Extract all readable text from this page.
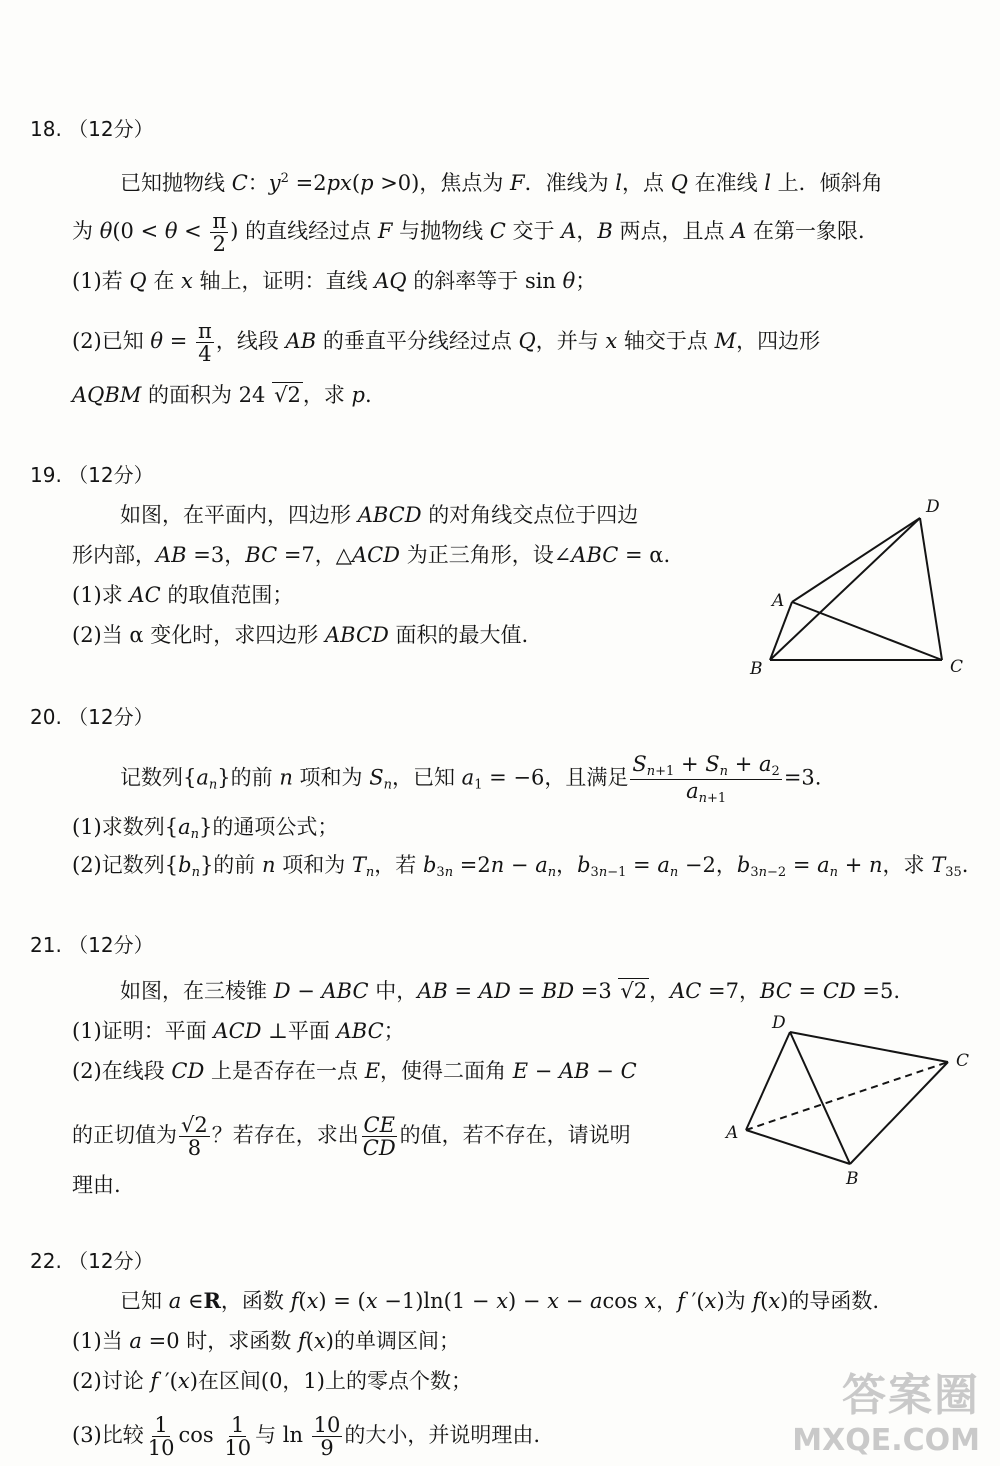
18. （12分）
已知抛物线 C：$y^2 =2px(p >0)$，焦点为 F．准线为 l，点 Q 在准线 l 上．倾斜角
为 $\theta(0 < \theta < \frac{\pi}{2}$ ) 的直线经过点 F 与抛物线 C 交于 A，B 两点，且点 A 在第一象限．
(1)若 Q 在 x 轴上，证明：直线 AQ 的斜率等于 sin θ；
(2)已知 $\theta = \frac{\pi}{4}$ ，线段 AB 的垂直平分线经过点 Q，并与 x 轴交于点 M，四边形
AQBM 的面积为 24 √2，求 p.
19. （12分）
如图，在平面内，四边形 ABCD 的对角线交点位于四边
形内部，AB =3，BC =7，△ACD 为正三角形，设∠ABC = α.
(1)求 AC 的取值范围；
(2)当 α 变化时，求四边形 ABCD 面积的最大值.
D
A
B	C
20. （12分）
记数列$\{a_n\}$的前 n 项和为 $S_n$，已知 $a_1 = -6$，且满足 $\frac{S_{n+1} + S_n + a_2}{a_{n+1}} =3$.
(1)求数列$\{a_n\}$的通项公式；
(2)记数列$\{b_n\}$的前 n 项和为 $T_n$，若 $b_{3n} =2n - a_n$，$b_{3n-1} = a_n -2$，$b_{3n-2} = a_n + n$，求 $T_{35}$.
21. （12分）
如图，在三棱锥 D − ABC 中，AB = AD = BD =3 √2，AC =7，BC = CD =5.
(1)证明：平面 ACD ⊥平面 ABC；
(2)在线段 CD 上是否存在一点 E，使得二面角 E − AB − C
的正切值为 $\frac{√2}{8}$ ？若存在，求出 $\frac{CE}{CD}$ 的值，若不存在，请说明
理由.
D
C
A
B
22. （12分）
已知 a ∈R，函数 f(x) = (x −1)ln(1 − x) − x − acos x，f ′(x)为 f(x)的导函数.
(1)当 a =0 时，求函数 f(x)的单调区间；
(2)讨论 f ′(x)在区间(0，1)上的零点个数；
(3)比较 $\frac{1}{10}$ $\cos \frac{1}{10}$ 与 $\ln \frac{10}{9}$ 的大小，并说明理由.
答案圈
MXQE.COM
